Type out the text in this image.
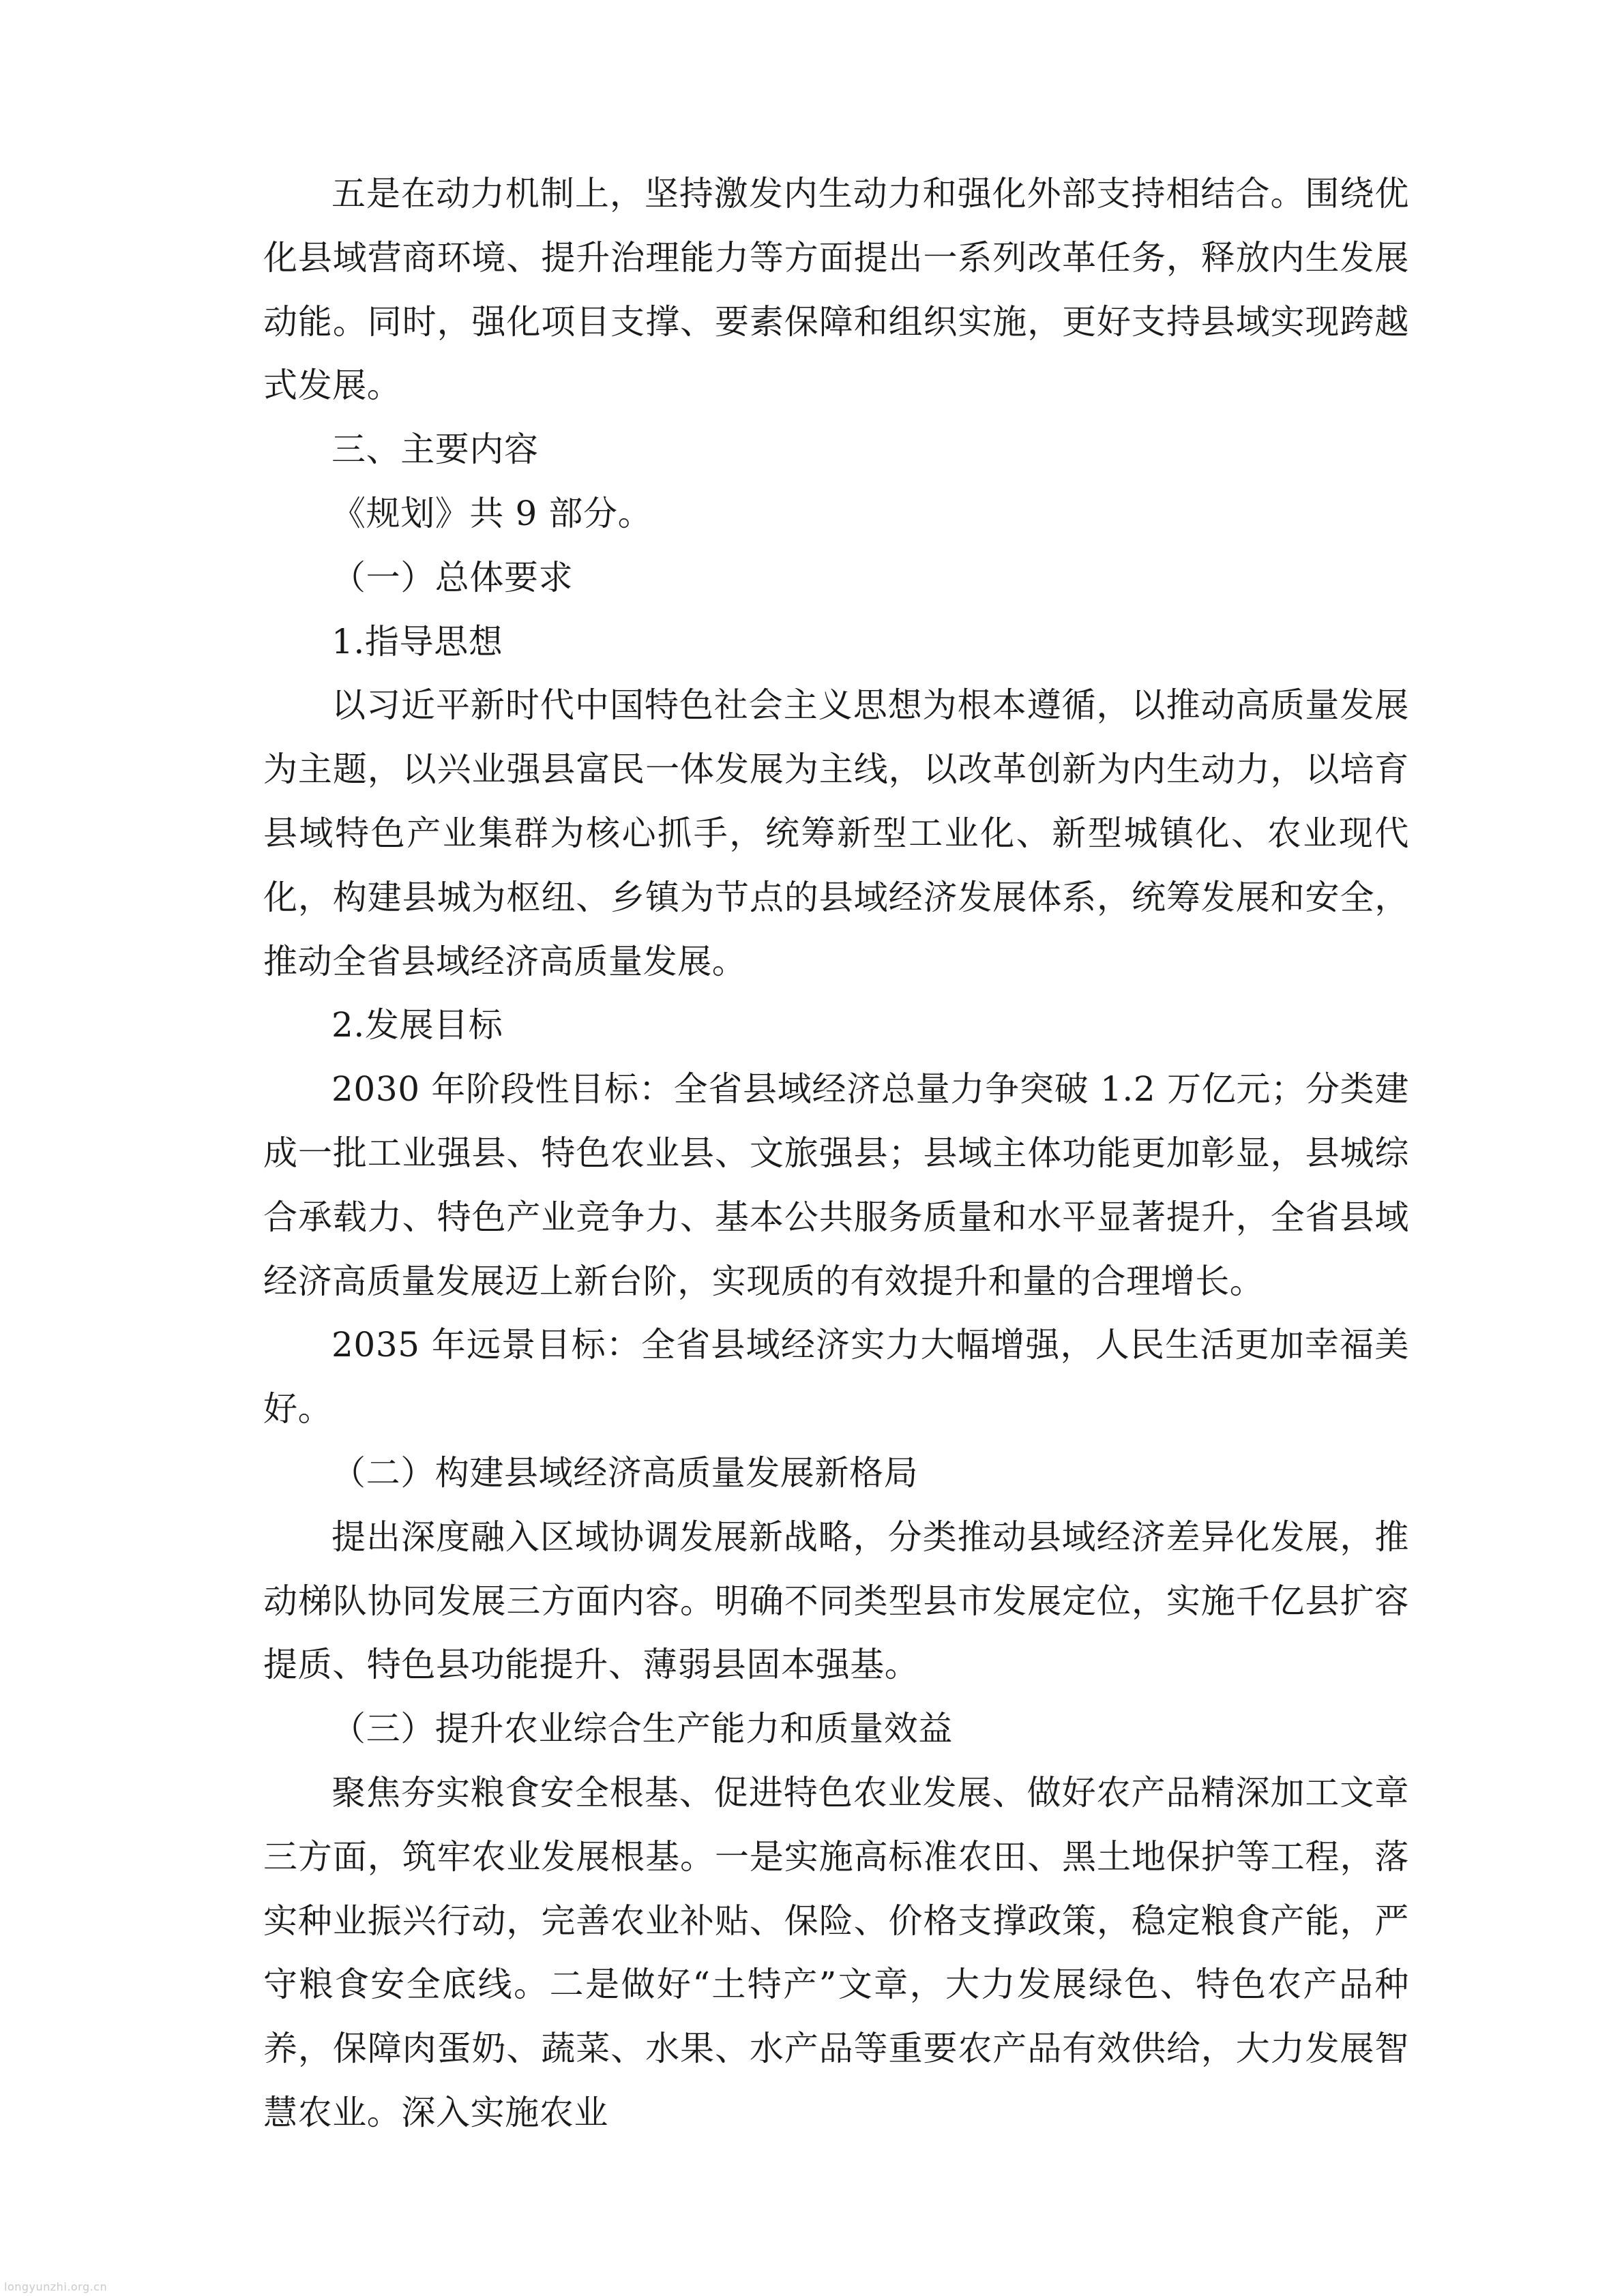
五是在动力机制上，坚持激发内生动力和强化外部支持相结合。围绕优化县域营商环境、提升治理能力等方面提出一系列改革任务，释放内生发展动能。同时，强化项目支撑、要素保障和组织实施，更好支持县域实现跨越式发展。

三、主要内容

《规划》共 9 部分。

（一）总体要求

1.指导思想

以习近平新时代中国特色社会主义思想为根本遵循，以推动高质量发展为主题，以兴业强县富民一体发展为主线，以改革创新为内生动力，以培育县域特色产业集群为核心抓手，统筹新型工业化、新型城镇化、农业现代化，构建县城为枢纽、乡镇为节点的县域经济发展体系，统筹发展和安全，推动全省县域经济高质量发展。

2.发展目标

2030 年阶段性目标：全省县域经济总量力争突破 1.2 万亿元；分类建成一批工业强县、特色农业县、文旅强县；县域主体功能更加彰显，县城综合承载力、特色产业竞争力、基本公共服务质量和水平显著提升，全省县域经济高质量发展迈上新台阶，实现质的有效提升和量的合理增长。

2035 年远景目标：全省县域经济实力大幅增强，人民生活更加幸福美好。

（二）构建县域经济高质量发展新格局

提出深度融入区域协调发展新战略，分类推动县域经济差异化发展，推动梯队协同发展三方面内容。明确不同类型县市发展定位，实施千亿县扩容提质、特色县功能提升、薄弱县固本强基。

（三）提升农业综合生产能力和质量效益

聚焦夯实粮食安全根基、促进特色农业发展、做好农产品精深加工文章三方面，筑牢农业发展根基。一是实施高标准农田、黑土地保护等工程，落实种业振兴行动，完善农业补贴、保险、价格支撑政策，稳定粮食产能，严守粮食安全底线。二是做好“土特产”文章，大力发展绿色、特色农产品种养，保障肉蛋奶、蔬菜、水果、水产品等重要农产品有效供给，大力发展智慧农业。深入实施农业

longyunzhi.org.cn
